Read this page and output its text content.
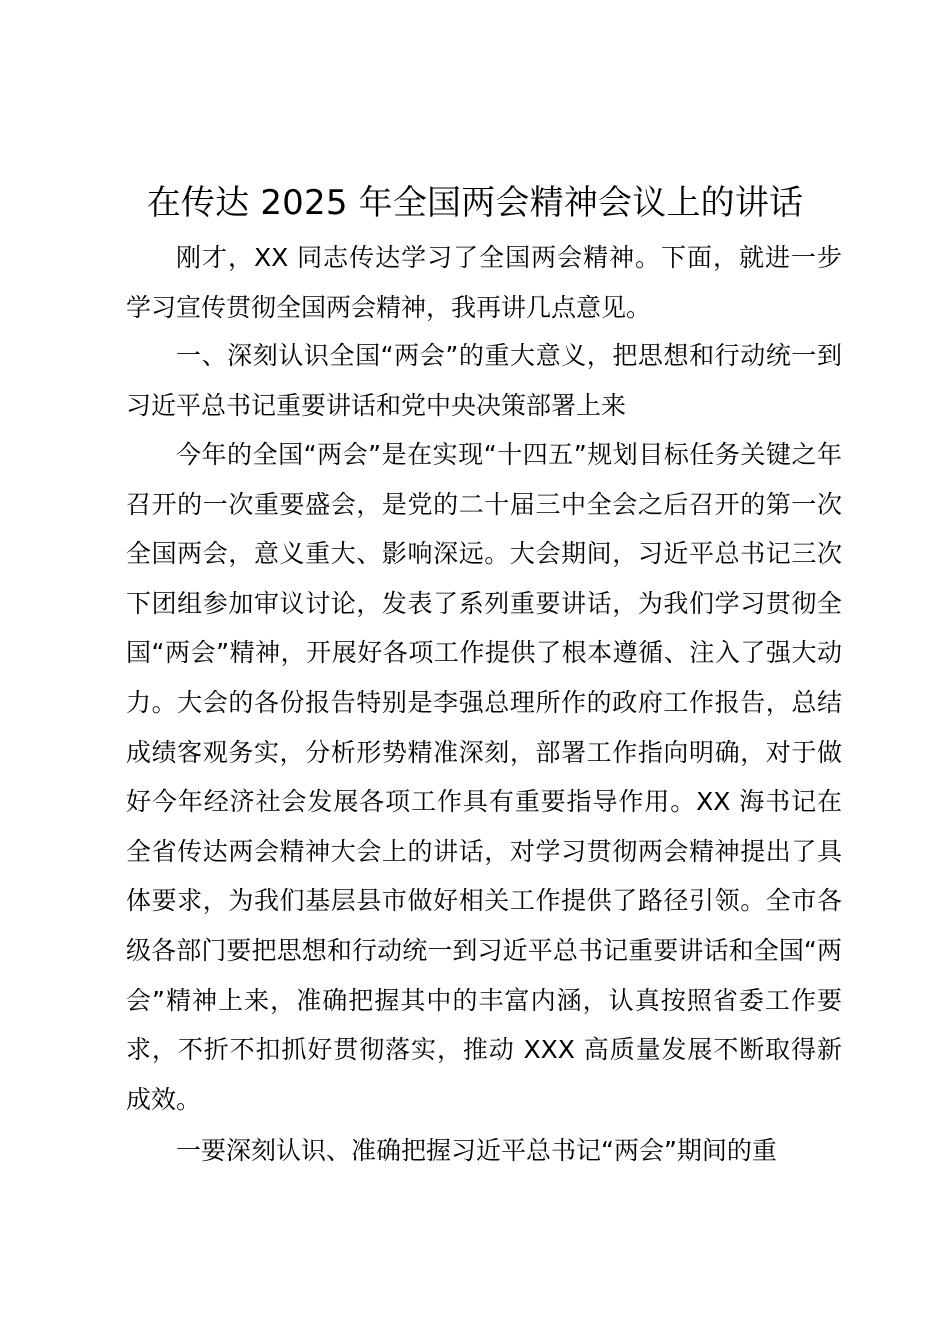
在传达 2025 年全国两会精神会议上的讲话

刚才，XX 同志传达学习了全国两会精神。下面，就进一步学习宣传贯彻全国两会精神，我再讲几点意见。

一、深刻认识全国“两会”的重大意义，把思想和行动统一到习近平总书记重要讲话和党中央决策部署上来

今年的全国“两会”是在实现“十四五”规划目标任务关键之年召开的一次重要盛会，是党的二十届三中全会之后召开的第一次全国两会，意义重大、影响深远。大会期间，习近平总书记三次下团组参加审议讨论，发表了系列重要讲话，为我们学习贯彻全国“两会”精神，开展好各项工作提供了根本遵循、注入了强大动力。大会的各份报告特别是李强总理所作的政府工作报告，总结成绩客观务实，分析形势精准深刻，部署工作指向明确，对于做好今年经济社会发展各项工作具有重要指导作用。XX 海书记在全省传达两会精神大会上的讲话，对学习贯彻两会精神提出了具体要求，为我们基层县市做好相关工作提供了路径引领。全市各级各部门要把思想和行动统一到习近平总书记重要讲话和全国“两会”精神上来，准确把握其中的丰富内涵，认真按照省委工作要求，不折不扣抓好贯彻落实，推动 XXX 高质量发展不断取得新成效。

一要深刻认识、准确把握习近平总书记“两会”期间的重
